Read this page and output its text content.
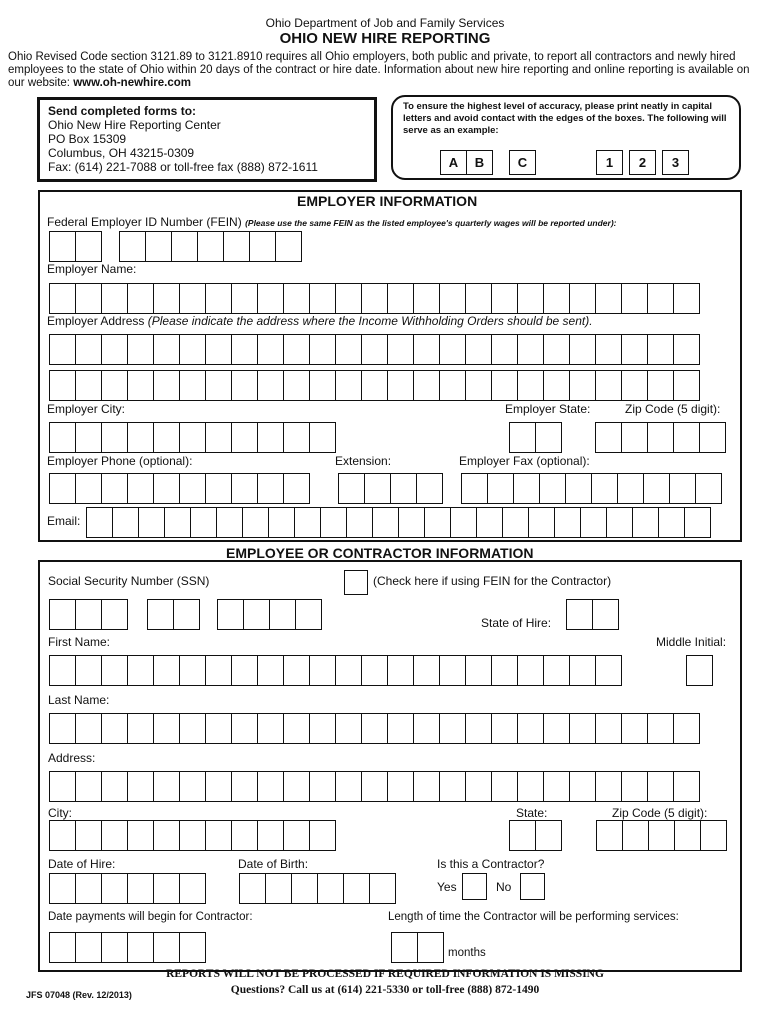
Ohio Department of Job and Family Services
OHIO NEW HIRE REPORTING
Ohio Revised Code section 3121.89 to 3121.8910 requires all Ohio employers, both public and private, to report all contractors and newly hired employees to the state of Ohio within 20 days of the contract or hire date. Information about new hire reporting and online reporting is available on our website: www.oh-newhire.com
Send completed forms to:
Ohio New Hire Reporting Center
PO Box 15309
Columbus, OH 43215-0309
Fax: (614) 221-7088 or toll-free fax (888) 872-1611
To ensure the highest level of accuracy, please print neatly in capital letters and avoid contact with the edges of the boxes. The following will serve as an example:
A	B	C	1	2	3
EMPLOYER INFORMATION
Federal Employer ID Number (FEIN) (Please use the same FEIN as the listed employee's quarterly wages will be reported under):
Employer Name:
Employer Address (Please indicate the address where the Income Withholding Orders should be sent).
Employer City:	Employer State:	Zip Code (5 digit):
Employer Phone (optional):	Extension:	Employer Fax (optional):
Email:
EMPLOYEE OR CONTRACTOR INFORMATION
Social Security Number (SSN)	(Check here if using FEIN for the Contractor)
State of Hire:
First Name:	Middle Initial:
Last Name:
Address:
City:	State:	Zip Code (5 digit):
Date of Hire:	Date of Birth:	Is this a Contractor?
Yes	No
Date payments will begin for Contractor:	Length of time the Contractor will be performing services:
months
REPORTS WILL NOT BE PROCESSED IF REQUIRED INFORMATION IS MISSING
Questions? Call us at (614) 221-5330 or toll-free (888) 872-1490
JFS 07048 (Rev. 12/2013)
